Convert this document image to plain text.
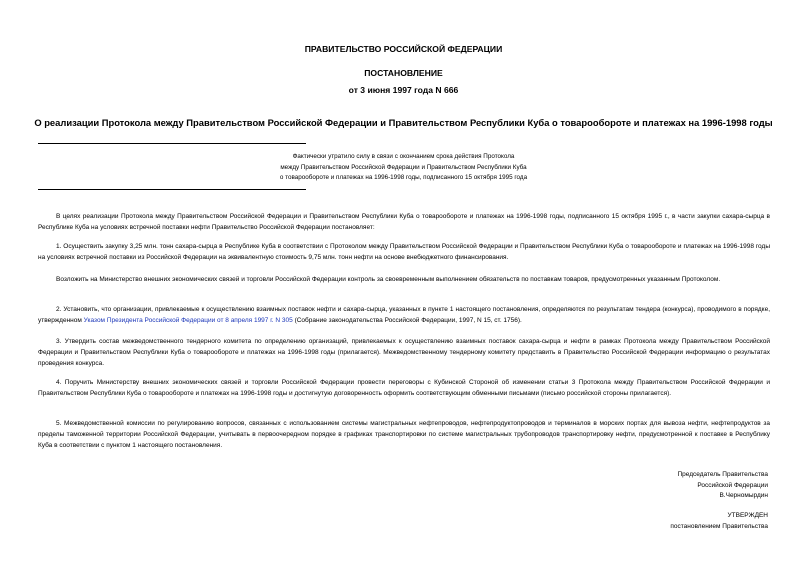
ПРАВИТЕЛЬСТВО РОССИЙСКОЙ ФЕДЕРАЦИИ
ПОСТАНОВЛЕНИЕ
от 3 июня 1997 года N 666
О реализации Протокола между Правительством Российской Федерации и Правительством Республики Куба о товарообороте и платежах на 1996-1998 годы
Фактически утратило силу в связи с окончанием срока действия Протокола
между Правительством Российской Федерации и Правительством Республики Куба
о товарообороте и платежах на 1996-1998 годы, подписанного 15 октября 1995 года

В целях реализации Протокола между Правительством Российской Федерации и Правительством Республики Куба о товарообороте и платежах на 1996-1998 годы, подписанного 15 октября 1995 г., в части закупки сахара-сырца в Республике Куба на условиях встречной поставки нефти Правительство Российской Федерации постановляет:

1. Осуществить закупку 3,25 млн. тонн сахара-сырца в Республике Куба в соответствии с Протоколом между Правительством Российской Федерации и Правительством Республики Куба о товарообороте и платежах на 1996-1998 годы на условиях встречной поставки из Российской Федерации на эквивалентную стоимость 9,75 млн. тонн нефти на основе внебюджетного финансирования.

Возложить на Министерство внешних экономических связей и торговли Российской Федерации контроль за своевременным выполнением обязательств по поставкам товаров, предусмотренных указанным Протоколом.

2. Установить, что организации, привлекаемые к осуществлению взаимных поставок нефти и сахара-сырца, указанных в пункте 1 настоящего постановления, определяются по результатам тендера (конкурса), проводимого в порядке, утвержденном Указом Президента Российской Федерации от 8 апреля 1997 г. N 305 (Собрание законодательства Российской Федерации, 1997, N 15, ст. 1756).

3. Утвердить состав межведомственного тендерного комитета по определению организаций, привлекаемых к осуществлению взаимных поставок сахара-сырца и нефти в рамках Протокола между Правительством Российской Федерации и Правительством Республики Куба о товарообороте и платежах на 1996-1998 годы (прилагается). Межведомственному тендерному комитету представить в Правительство Российской Федерации информацию о результатах проведения конкурса.

4. Поручить Министерству внешних экономических связей и торговли Российской Федерации провести переговоры с Кубинской Стороной об изменении статьи 3 Протокола между Правительством Российской Федерации и Правительством Республики Куба о товарообороте и платежах на 1996-1998 годы и достигнутую договоренность оформить соответствующим обменными письмами (письмо российской стороны прилагается).

5. Межведомственной комиссии по регулированию вопросов, связанных с использованием системы магистральных нефтепроводов, нефтепродуктопроводов и терминалов в морских портах для вывоза нефти, нефтепродуктов за пределы таможенной территории Российской Федерации, учитывать в первоочередном порядке в графиках транспортировки по системе магистральных трубопроводов транспортировку нефти, предусмотренной к поставке в Республику Куба в соответствии с пунктом 1 настоящего постановления.

Председатель Правительства
Российской Федерации
В.Черномырдин
УТВЕРЖДЕН
постановлением Правительства
